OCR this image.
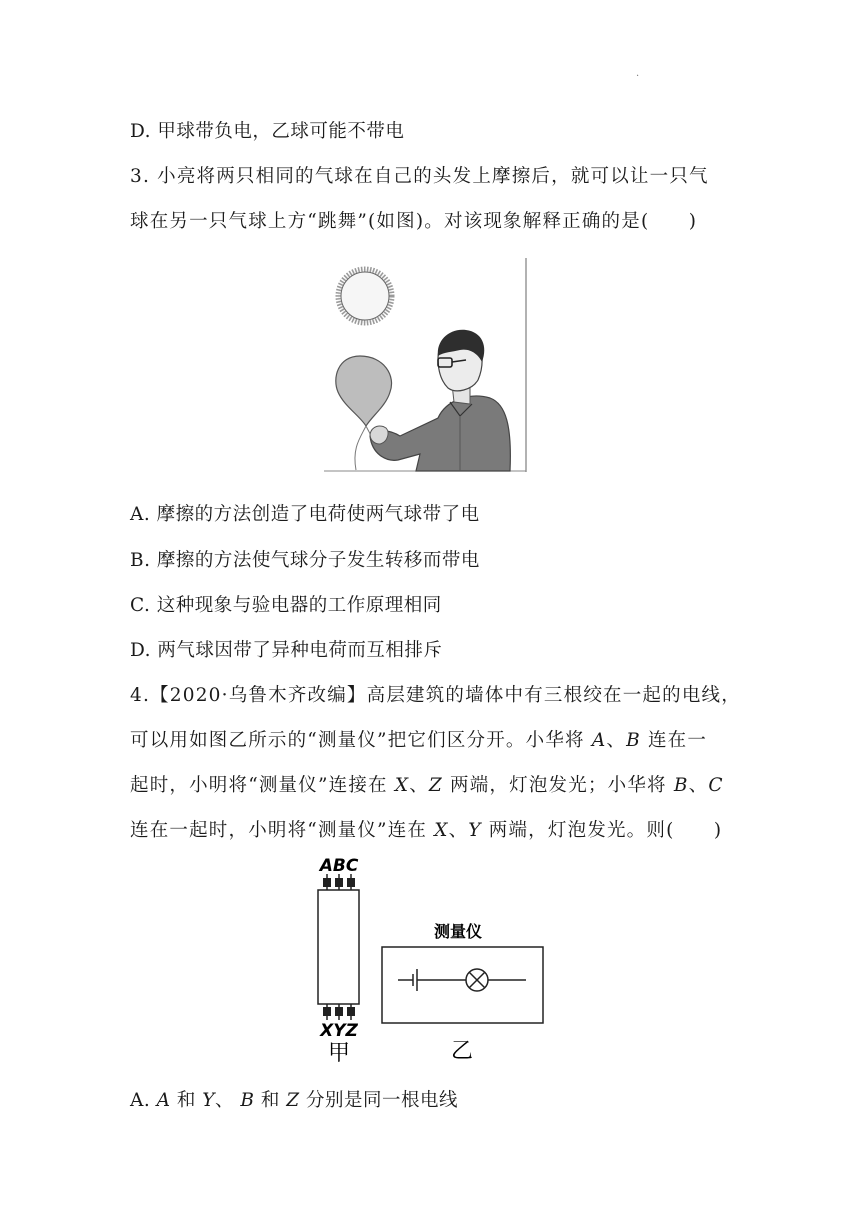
.
D. 甲球带负电，乙球可能不带电
3. 小亮将两只相同的气球在自己的头发上摩擦后，就可以让一只气
球在另一只气球上方“跳舞”(如图)。对该现象解释正确的是(　　)
A. 摩擦的方法创造了电荷使两气球带了电
B. 摩擦的方法使气球分子发生转移而带电
C. 这种现象与验电器的工作原理相同
D. 两气球因带了异种电荷而互相排斥
4.【2020·乌鲁木齐改编】高层建筑的墙体中有三根绞在一起的电线，
可以用如图乙所示的“测量仪”把它们区分开。小华将 A、B 连在一
起时，小明将“测量仪”连接在 X、Z 两端，灯泡发光；小华将 B、C
连在一起时，小明将“测量仪”连在 X、Y 两端，灯泡发光。则(　　)
ABC
XYZ
甲
测量仪
乙
A. A 和 Y、 B 和 Z 分别是同一根电线
